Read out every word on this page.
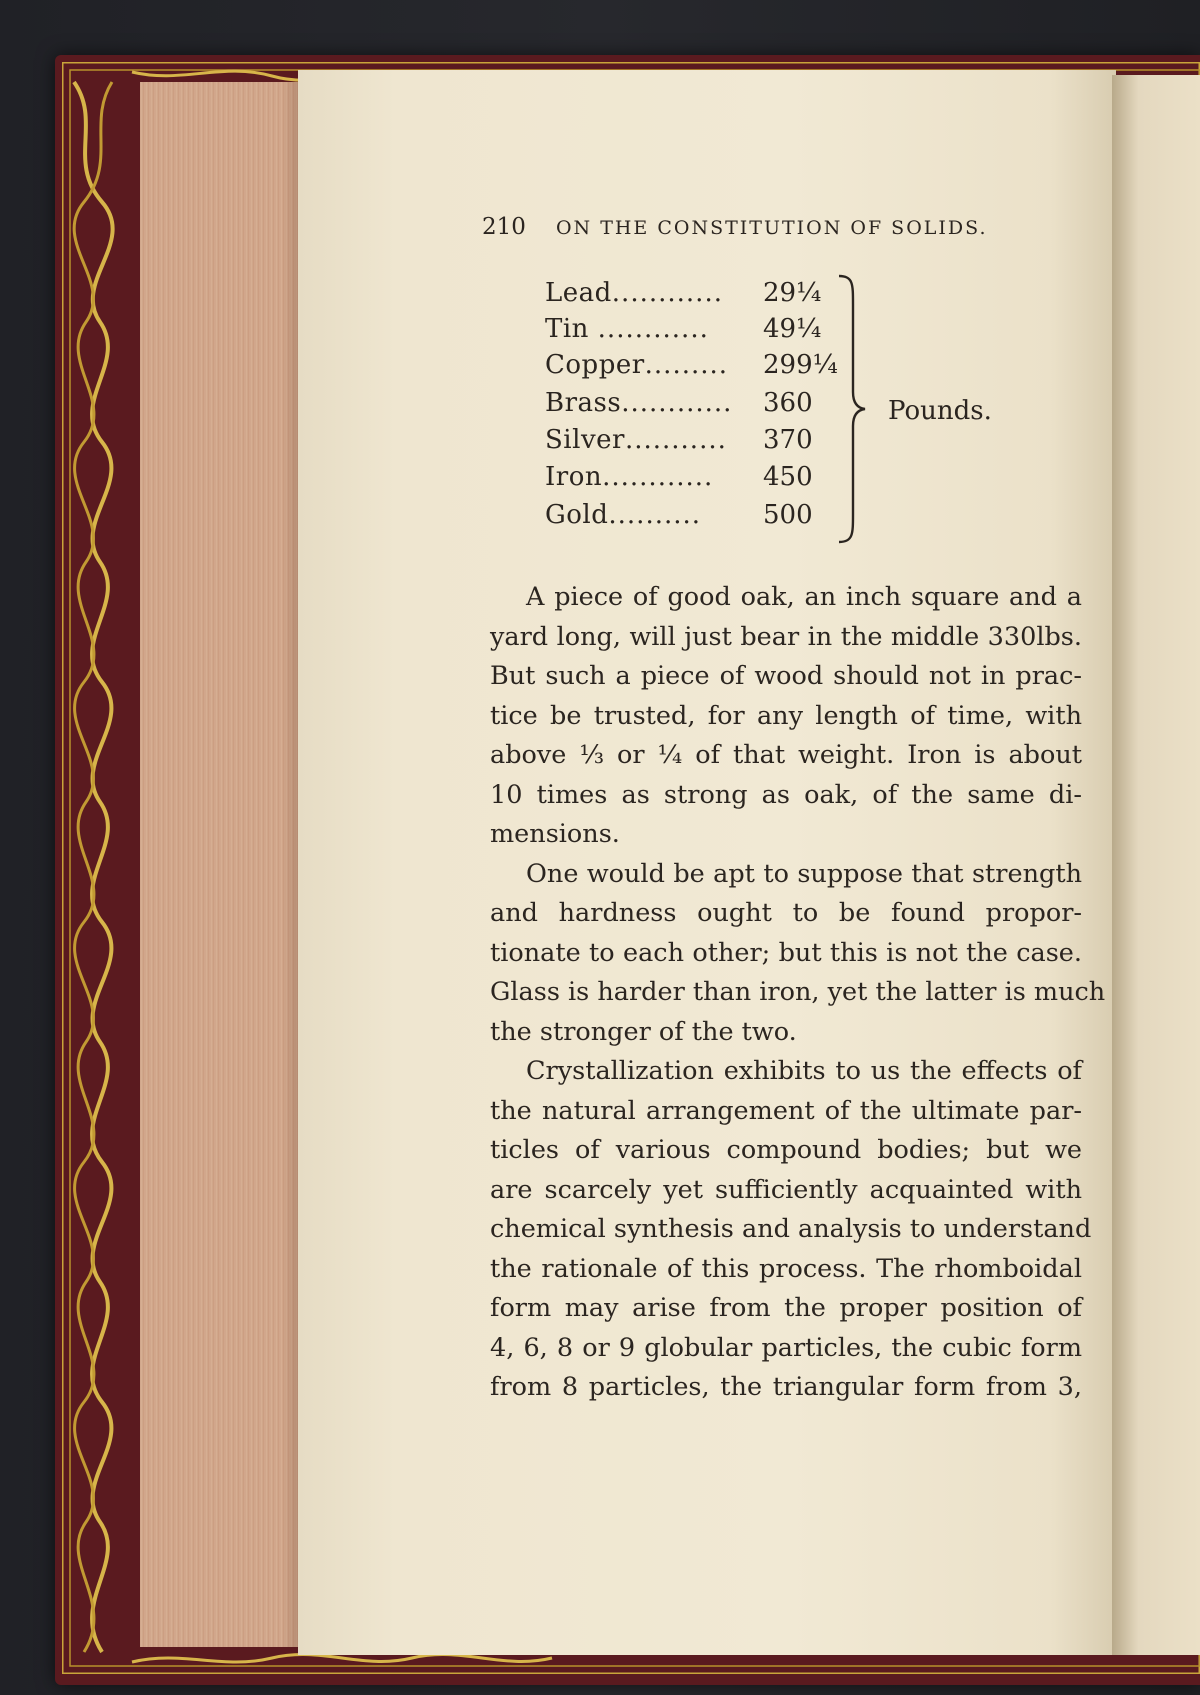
210 ON THE CONSTITUTION OF SOLIDS.
Lead............ 29¼
Tin ............ 49¼
Copper......... 299¼
Brass............ 360
Silver........... 370
Iron............ 450
Gold.......... 500
Pounds.
A piece of good oak, an inch square and a
yard long, will just bear in the middle 330lbs.
But such a piece of wood should not in prac-
tice be trusted, for any length of time, with
above ⅓ or ¼ of that weight. Iron is about
10 times as strong as oak, of the same di-
mensions.
One would be apt to suppose that strength
and hardness ought to be found propor-
tionate to each other; but this is not the case.
Glass is harder than iron, yet the latter is much
the stronger of the two.
Crystallization exhibits to us the effects of
the natural arrangement of the ultimate par-
ticles of various compound bodies; but we
are scarcely yet sufficiently acquainted with
chemical synthesis and analysis to understand
the rationale of this process. The rhomboidal
form may arise from the proper position of
4, 6, 8 or 9 globular particles, the cubic form
from 8 particles, the triangular form from 3,
